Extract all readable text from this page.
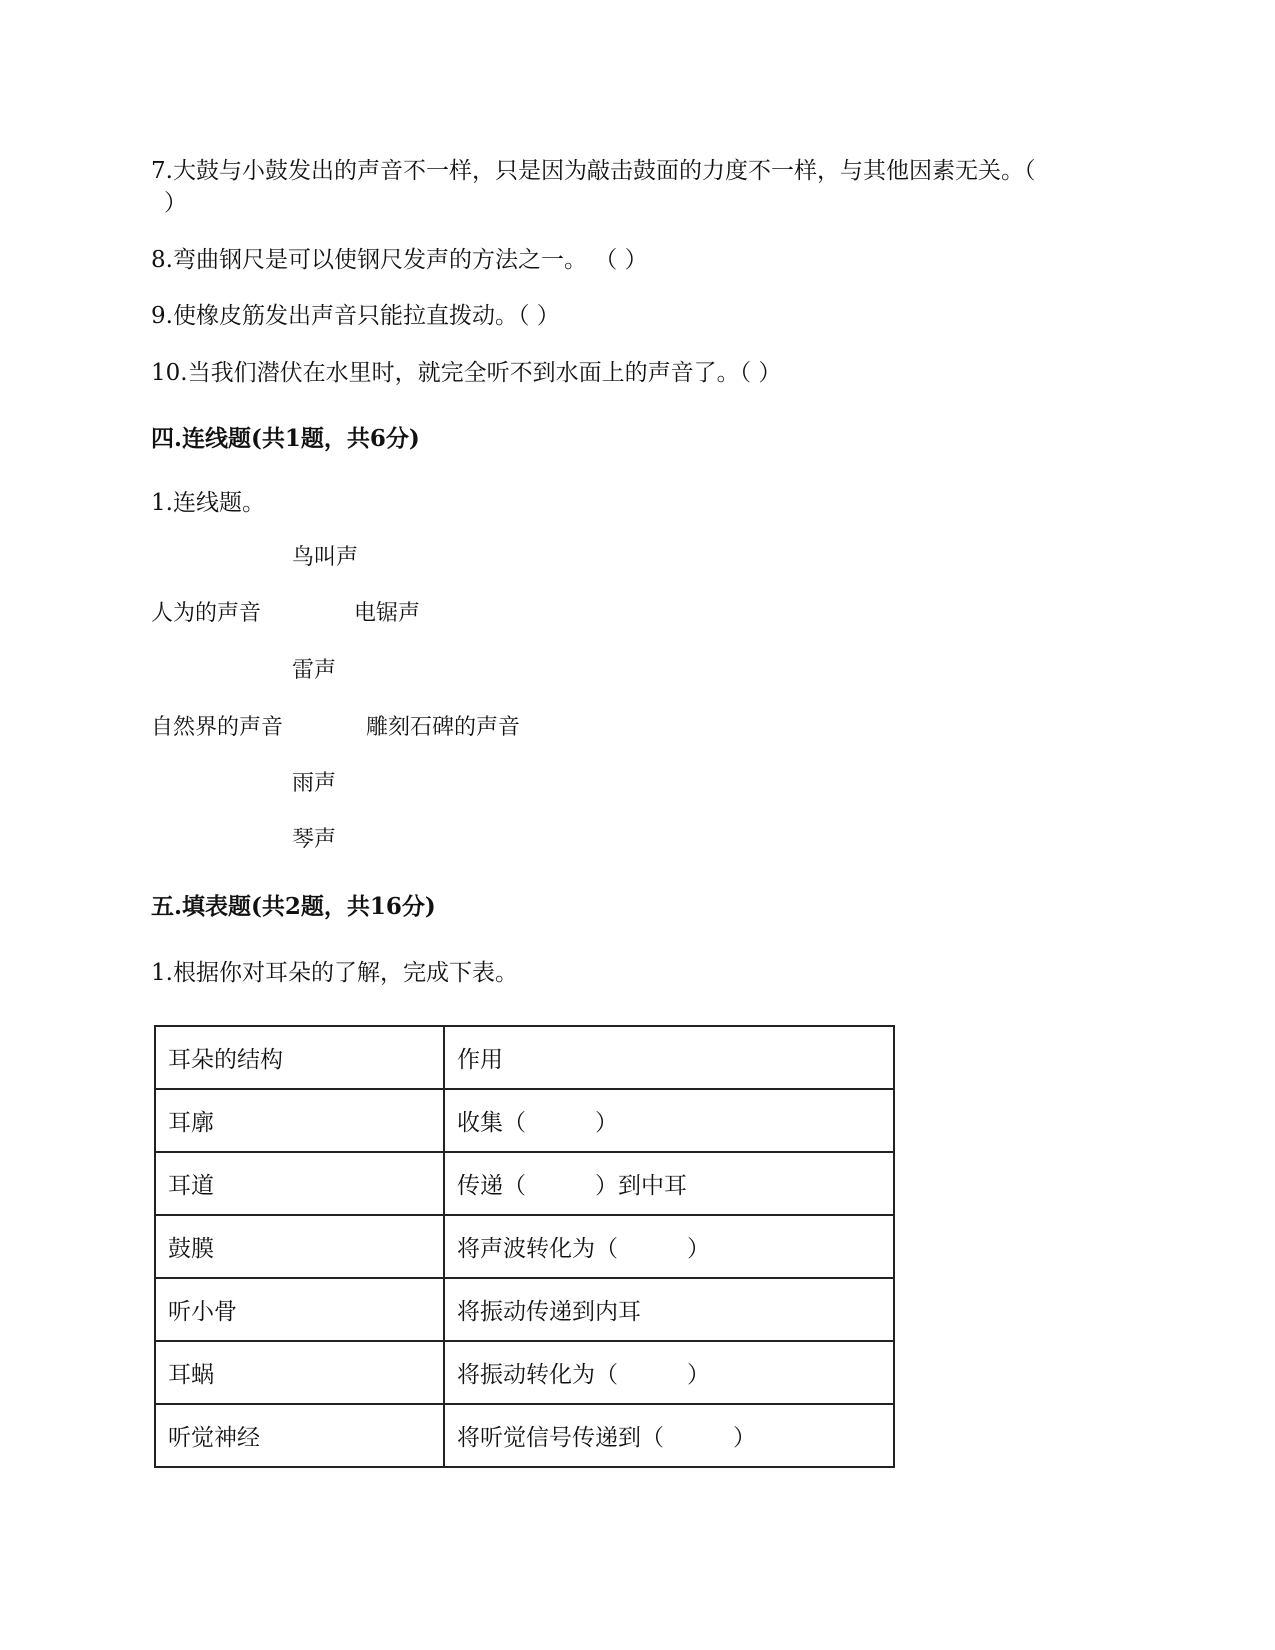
7.大鼓与小鼓发出的声音不一样，只是因为敲击鼓面的力度不一样，与其他因素无关。（
）
8.弯曲钢尺是可以使钢尺发声的方法之一。 （ ）
9.使橡皮筋发出声音只能拉直拨动。（ ）
10.当我们潜伏在水里时，就完全听不到水面上的声音了。（ ）
四.连线题(共1题，共6分)
1.连线题。
鸟叫声
人为的声音	电锯声
雷声
自然界的声音	雕刻石碑的声音
雨声
琴声
五.填表题(共2题，共16分)
1.根据你对耳朵的了解，完成下表。
耳朵的结构	作用
耳廓	收集（　　　）
耳道	传递（　　　）到中耳
鼓膜	将声波转化为（　　　）
听小骨	将振动传递到内耳
耳蜗	将振动转化为（　　　）
听觉神经	将听觉信号传递到（　　　）
